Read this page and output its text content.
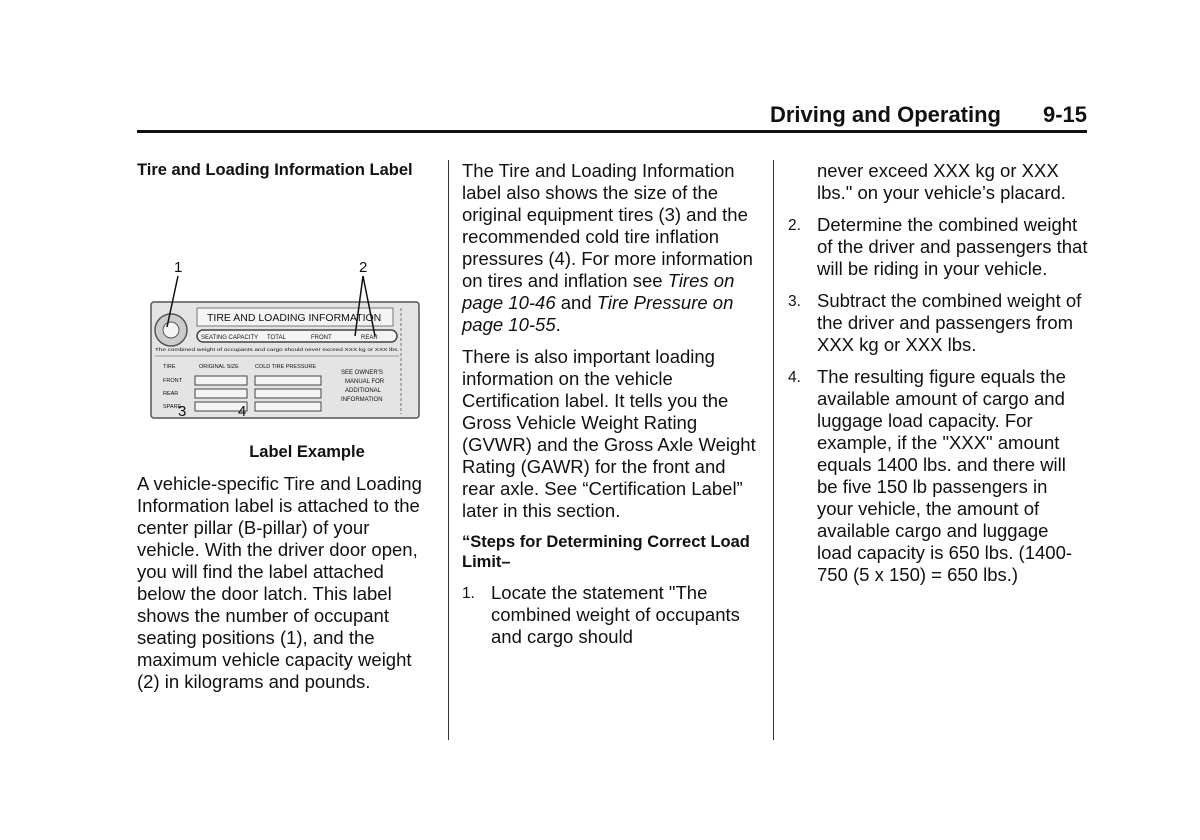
Driving and Operating 9-15
Tire and Loading Information Label
1	2
TIRE AND LOADING INFORMATION
SEATING CAPACITY TOTAL	FRONT	REAR
The combined weight of occupants and cargo should never exceed XXX kg or XXX lbs.
TIRE	ORIGINAL SIZE	COLD TIRE PRESSURE
FRONT
REAR
SPARE
SEE OWNER'S
MANUAL FOR
ADDITIONAL
INFORMATION
3	4
Label Example

A vehicle-specific Tire and Loading Information label is attached to the center pillar (B-pillar) of your vehicle. With the driver door open, you will find the label attached below the door latch. This label shows the number of occupant seating positions (1), and the maximum vehicle capacity weight (2) in kilograms and pounds.

The Tire and Loading Information label also shows the size of the original equipment tires (3) and the recommended cold tire inflation pressures (4). For more information on tires and inflation see Tires on page 10-46 and Tire Pressure on page 10-55.

There is also important loading information on the vehicle Certification label. It tells you the Gross Vehicle Weight Rating (GVWR) and the Gross Axle Weight Rating (GAWR) for the front and rear axle. See “Certification Label” later in this section.

“Steps for Determining Correct Load Limit–
1. Locate the statement "The combined weight of occupants and cargo should
never exceed XXX kg or XXX lbs." on your vehicle’s placard.
2. Determine the combined weight of the driver and passengers that will be riding in your vehicle.
3. Subtract the combined weight of the driver and passengers from XXX kg or XXX lbs.
4. The resulting figure equals the available amount of cargo and luggage load capacity. For example, if the "XXX" amount equals 1400 lbs. and there will be five 150 lb passengers in your vehicle, the amount of available cargo and luggage load capacity is 650 lbs. (1400-750 (5 x 150) = 650 lbs.)
